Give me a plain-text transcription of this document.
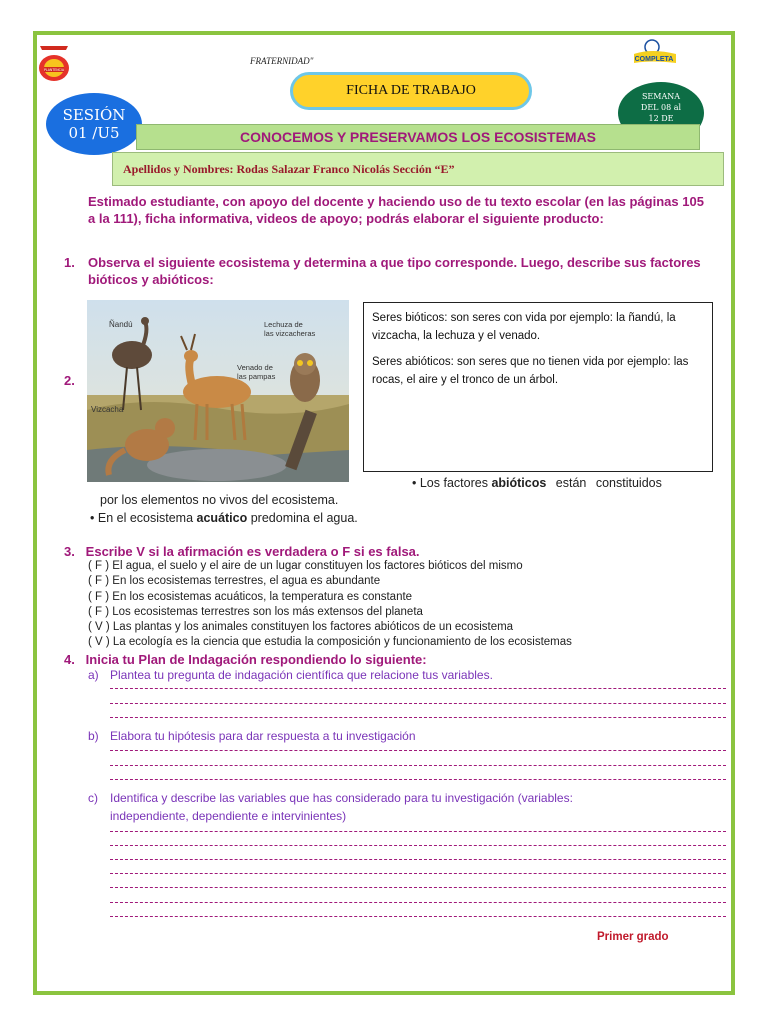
PLANTENCIA
COMPLETA
FRATERNIDAD"
FICHA DE TRABAJO
SESIÓN
01 /U5
SEMANA
DEL 08 al
12 DE
CONOCEMOS Y PRESERVAMOS LOS ECOSISTEMAS
Apellidos y Nombres: Rodas Salazar Franco Nicolás Sección “E”
Estimado estudiante, con apoyo del docente y haciendo uso de tu texto escolar (en las páginas 105 a la 111), ficha informativa, videos de apoyo; podrás elaborar el siguiente producto:
1. Observa el siguiente ecosistema y determina a que tipo corresponde. Luego, describe sus factores bióticos y abióticos:
Ñandú	Lechuza de las vizcacheras
Venado de las pampas
Vizcacha
2.

Seres bióticos: son seres con vida por ejemplo: la ñandú, la vizcacha, la lechuza y el venado.

Seres abióticos: son seres que no tienen vida por ejemplo: las rocas, el aire y el tronco de un árbol.

• Los factores abióticos están constituidos
por los elementos no vivos del ecosistema.
• En el ecosistema acuático predomina el agua.
3.   Escribe V si la afirmación es verdadera o F si es falsa.
( F ) El agua, el suelo y el aire de un lugar constituyen los factores bióticos del mismo
( F ) En los ecosistemas terrestres, el agua es abundante
( F ) En los ecosistemas acuáticos, la temperatura es constante
( F ) Los ecosistemas terrestres son los más extensos del planeta
( V ) Las plantas y los animales constituyen los factores abióticos de un ecosistema
( V ) La ecología es la ciencia que estudia la composición y funcionamiento de los ecosistemas
4.   Inicia tu Plan de Indagación respondiendo lo siguiente:
a) Plantea tu pregunta de indagación científica que relacione tus variables.
b) Elabora tu hipótesis para dar respuesta a tu investigación
c) Identifica y describe las variables que has considerado para tu investigación (variables:
independiente, dependiente e intervinientes)
Primer grado
